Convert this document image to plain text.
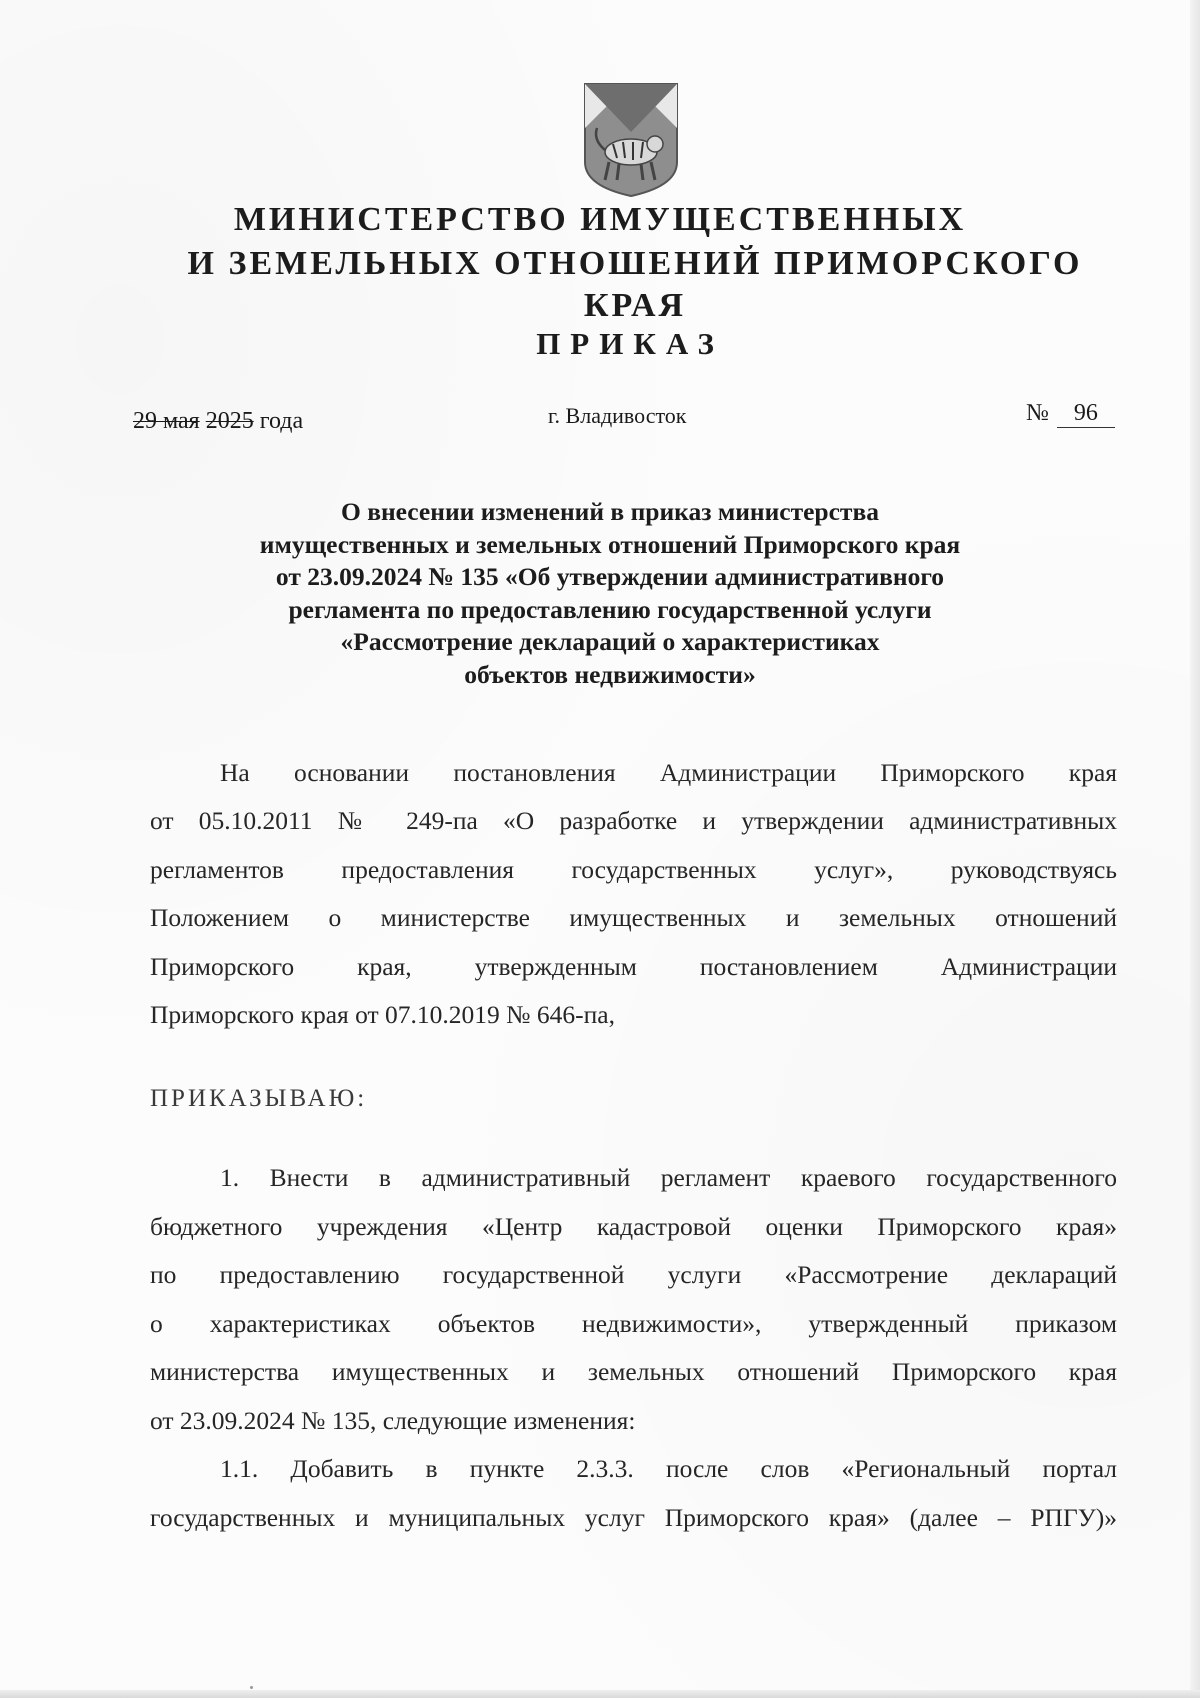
МИНИСТЕРСТВО ИМУЩЕСТВЕННЫХ
И ЗЕМЕЛЬНЫХ ОТНОШЕНИЙ ПРИМОРСКОГО КРАЯ
ПРИКАЗ
29 мая 2025 года	г. Владивосток	№ 96
О внесении изменений в приказ министерства
имущественных и земельных отношений Приморского края
от 23.09.2024 № 135 «Об утверждении административного
регламента по предоставлению государственной услуги
«Рассмотрение деклараций о характеристиках
объектов недвижимости»
На основании постановления Администрации Приморского края
от 05.10.2011 № 249-па «О разработке и утверждении административных
регламентов предоставления государственных услуг», руководствуясь
Положением о министерстве имущественных и земельных отношений
Приморского края, утвержденным постановлением Администрации
Приморского края от 07.10.2019 № 646-па,
ПРИКАЗЫВАЮ:
1. Внести в административный регламент краевого государственного
бюджетного учреждения «Центр кадастровой оценки Приморского края»
по предоставлению государственной услуги «Рассмотрение деклараций
о характеристиках объектов недвижимости», утвержденный приказом
министерства имущественных и земельных отношений Приморского края
от 23.09.2024 № 135, следующие изменения:
1.1. Добавить в пункте 2.3.3. после слов «Региональный портал
государственных и муниципальных услуг Приморского края» (далее – РПГУ)»
